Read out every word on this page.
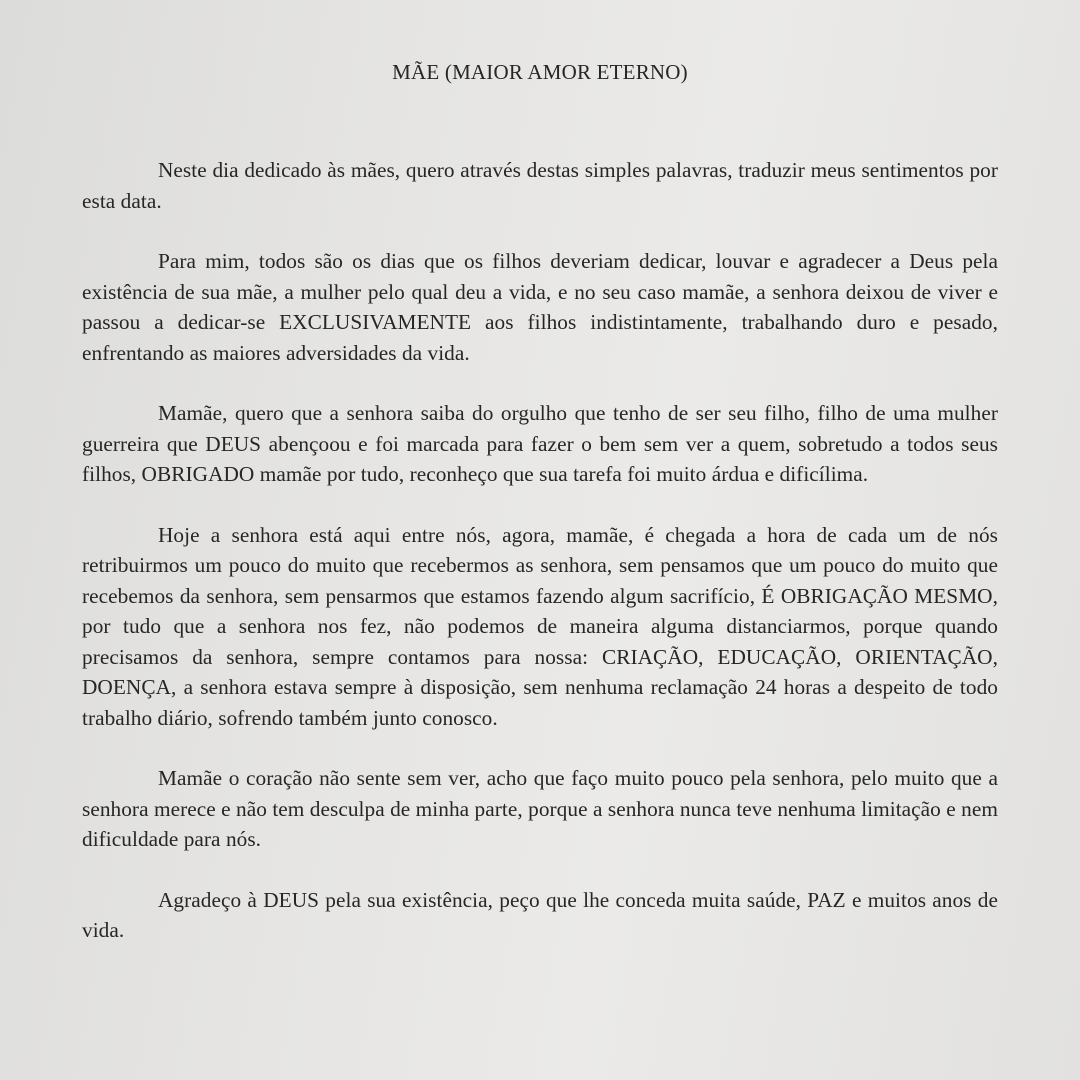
MÃE (MAIOR AMOR ETERNO)

Neste dia dedicado às mães, quero através destas simples palavras, traduzir meus sentimentos por esta data.

Para mim, todos são os dias que os filhos deveriam dedicar, louvar e agradecer a Deus pela existência de sua mãe, a mulher pelo qual deu a vida, e no seu caso mamãe, a senhora deixou de viver e passou a dedicar-se EXCLUSIVAMENTE aos filhos indistintamente, trabalhando duro e pesado, enfrentando as maiores adversidades da vida.

Mamãe, quero que a senhora saiba do orgulho que tenho de ser seu filho, filho de uma mulher guerreira que DEUS abençoou e foi marcada para fazer o bem sem ver a quem, sobretudo a todos seus filhos, OBRIGADO mamãe por tudo, reconheço que sua tarefa foi muito árdua e dificílima.

Hoje a senhora está aqui entre nós, agora, mamãe, é chegada a hora de cada um de nós retribuirmos um pouco do muito que recebermos as senhora, sem pensamos que um pouco do muito que recebemos da senhora, sem pensarmos que estamos fazendo algum sacrifício, É OBRIGAÇÃO MESMO, por tudo que a senhora nos fez, não podemos de maneira alguma distanciarmos, porque quando precisamos da senhora, sempre contamos para nossa: CRIAÇÃO, EDUCAÇÃO, ORIENTAÇÃO, DOENÇA, a senhora estava sempre à disposição, sem nenhuma reclamação 24 horas a despeito de todo trabalho diário, sofrendo também junto conosco.

Mamãe o coração não sente sem ver, acho que faço muito pouco pela senhora, pelo muito que a senhora merece e não tem desculpa de minha parte, porque a senhora nunca teve nenhuma limitação e nem dificuldade para nós.

Agradeço à DEUS pela sua existência, peço que lhe conceda muita saúde, PAZ e muitos anos de vida.
